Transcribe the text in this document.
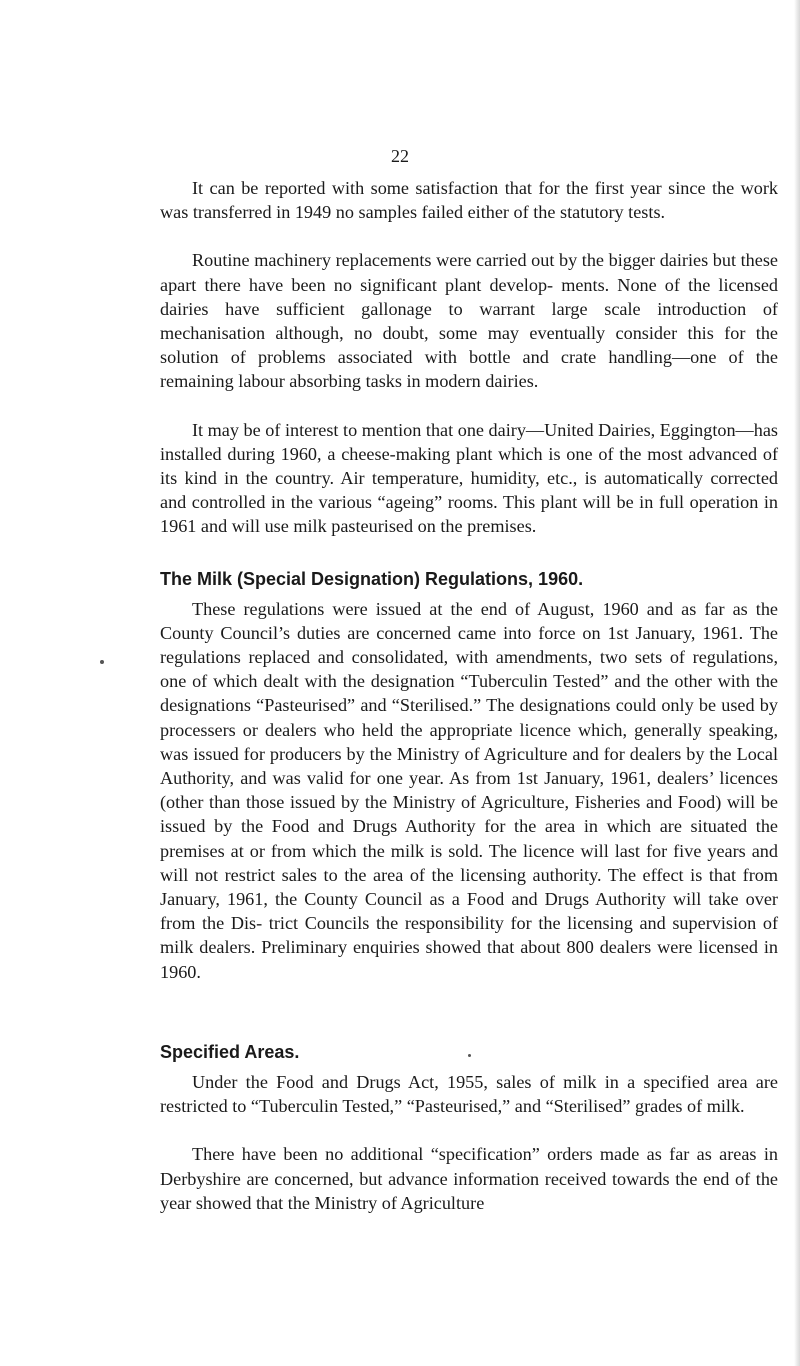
22

It can be reported with some satisfaction that for the first year since the work was transferred in 1949 no samples failed either of the statutory tests.

Routine machinery replacements were carried out by the bigger dairies but these apart there have been no significant plant develop- ments. None of the licensed dairies have sufficient gallonage to warrant large scale introduction of mechanisation although, no doubt, some may eventually consider this for the solution of problems associated with bottle and crate handling—one of the remaining labour absorbing tasks in modern dairies.

It may be of interest to mention that one dairy—United Dairies, Eggington—has installed during 1960, a cheese-making plant which is one of the most advanced of its kind in the country. Air temperature, humidity, etc., is automatically corrected and controlled in the various “ageing” rooms. This plant will be in full operation in 1961 and will use milk pasteurised on the premises.

The Milk (Special Designation) Regulations, 1960.

These regulations were issued at the end of August, 1960 and as far as the County Council’s duties are concerned came into force on 1st January, 1961. The regulations replaced and consolidated, with amendments, two sets of regulations, one of which dealt with the designation “Tuberculin Tested” and the other with the designations “Pasteurised” and “Sterilised.” The designations could only be used by processers or dealers who held the appropriate licence which, generally speaking, was issued for producers by the Ministry of Agriculture and for dealers by the Local Authority, and was valid for one year. As from 1st January, 1961, dealers’ licences (other than those issued by the Ministry of Agriculture, Fisheries and Food) will be issued by the Food and Drugs Authority for the area in which are situated the premises at or from which the milk is sold. The licence will last for five years and will not restrict sales to the area of the licensing authority. The effect is that from January, 1961, the County Council as a Food and Drugs Authority will take over from the Dis- trict Councils the responsibility for the licensing and supervision of milk dealers. Preliminary enquiries showed that about 800 dealers were licensed in 1960.

Specified Areas.

Under the Food and Drugs Act, 1955, sales of milk in a specified area are restricted to “Tuberculin Tested,” “Pasteurised,” and “Sterilised” grades of milk.

There have been no additional “specification” orders made as far as areas in Derbyshire are concerned, but advance information received towards the end of the year showed that the Ministry of Agriculture
